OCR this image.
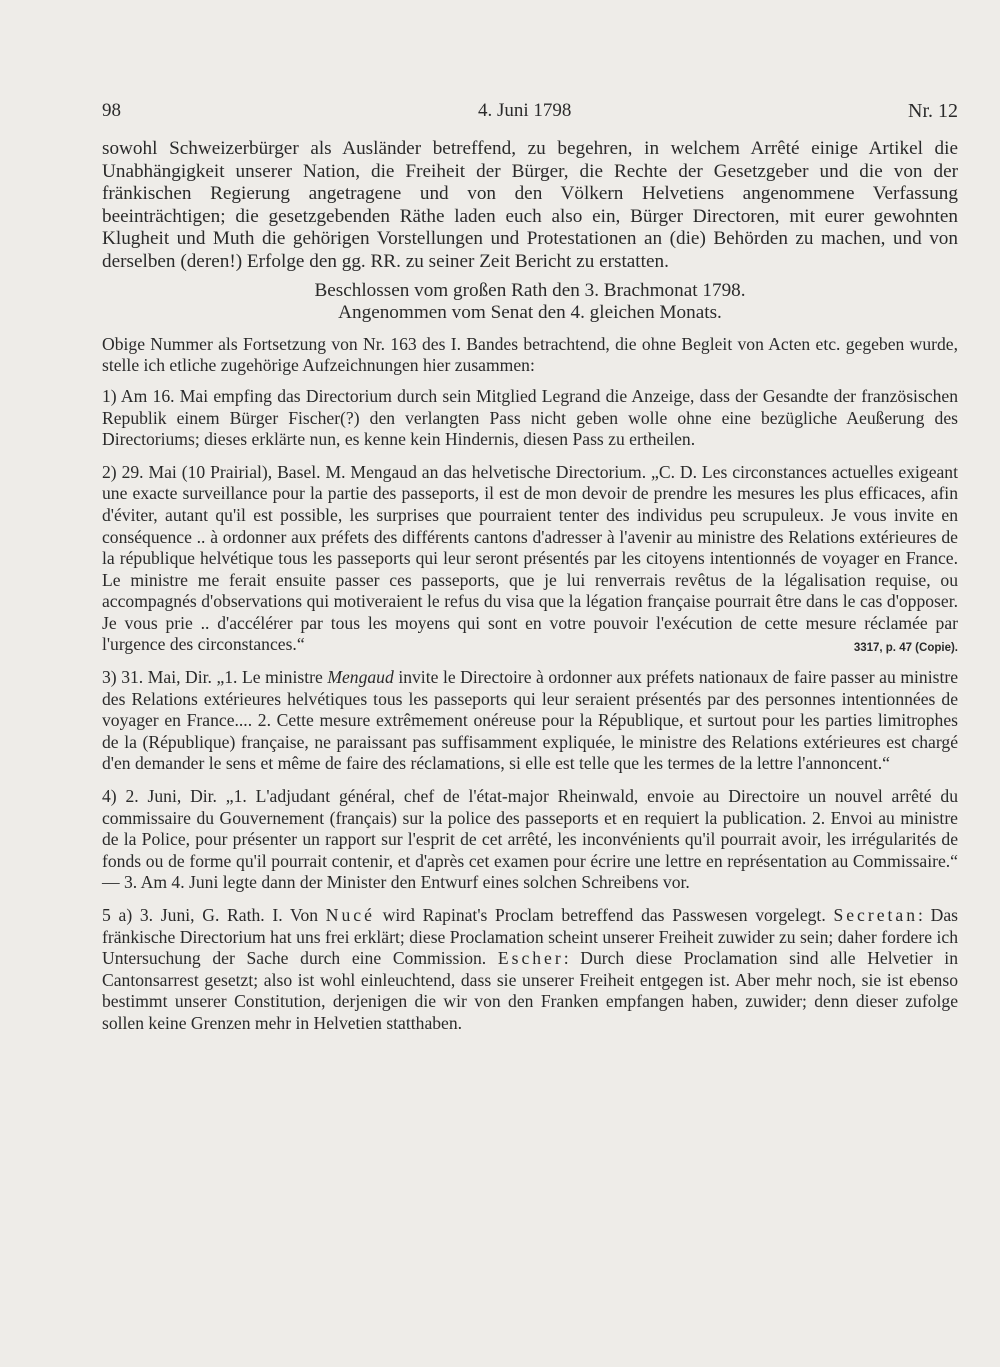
98	4. Juni 1798	Nr. 12

sowohl Schweizerbürger als Ausländer betreffend, zu begehren, in welchem Arrêté einige Artikel die Unabhängigkeit unserer Nation, die Freiheit der Bürger, die Rechte der Gesetzgeber und die von der fränkischen Regierung angetragene und von den Völkern Helvetiens angenommene Verfassung beeinträchtigen; die gesetzgebenden Räthe laden euch also ein, Bürger Directoren, mit eurer gewohnten Klugheit und Muth die gehörigen Vorstellungen und Protestationen an (die) Behörden zu machen, und von derselben (deren!) Erfolge den gg. RR. zu seiner Zeit Bericht zu erstatten.

Beschlossen vom großen Rath den 3. Brachmonat 1798.

Angenommen vom Senat den 4. gleichen Monats.

Obige Nummer als Fortsetzung von Nr. 163 des I. Bandes betrachtend, die ohne Begleit von Acten etc. gegeben wurde, stelle ich etliche zugehörige Aufzeichnungen hier zusammen:

1) Am 16. Mai empfing das Directorium durch sein Mitglied Legrand die Anzeige, dass der Gesandte der französischen Republik einem Bürger Fischer(?) den verlangten Pass nicht geben wolle ohne eine bezügliche Aeußerung des Directoriums; dieses erklärte nun, es kenne kein Hindernis, diesen Pass zu ertheilen.

2) 29. Mai (10 Prairial), Basel. M. Mengaud an das helvetische Directorium. „C. D. Les circonstances actuelles exigeant une exacte surveillance pour la partie des passeports, il est de mon devoir de prendre les mesures les plus efficaces, afin d'éviter, autant qu'il est possible, les surprises que pourraient tenter des individus peu scrupuleux. Je vous invite en conséquence .. à ordonner aux préfets des différents cantons d'adresser à l'avenir au ministre des Relations extérieures de la république helvétique tous les passeports qui leur seront présentés par les citoyens intentionnés de voyager en France. Le ministre me ferait ensuite passer ces passeports, que je lui renverrais revêtus de la légalisation requise, ou accompagnés d'observations qui motiveraient le refus du visa que la légation française pourrait être dans le cas d'opposer. Je vous prie .. d'accélérer par tous les moyens qui sont en votre pouvoir l'exécution de cette mesure réclamée par l'urgence des circonstances.“	3317, p. 47 (Copie).

3) 31. Mai, Dir. „1. Le ministre Mengaud invite le Directoire à ordonner aux préfets nationaux de faire passer au ministre des Relations extérieures helvétiques tous les passeports qui leur seraient présentés par des personnes intentionnées de voyager en France.... 2. Cette mesure extrêmement onéreuse pour la République, et surtout pour les parties limitrophes de la (République) française, ne paraissant pas suffisamment expliquée, le ministre des Relations extérieures est chargé d'en demander le sens et même de faire des réclamations, si elle est telle que les termes de la lettre l'annoncent.“

4) 2. Juni, Dir. „1. L'adjudant général, chef de l'état-major Rheinwald, envoie au Directoire un nouvel arrêté du commissaire du Gouvernement (français) sur la police des passeports et en requiert la publication. 2. Envoi au ministre de la Police, pour présenter un rapport sur l'esprit de cet arrêté, les inconvénients qu'il pourrait avoir, les irrégularités de fonds ou de forme qu'il pourrait contenir, et d'après cet examen pour écrire une lettre en représentation au Commissaire.“ — 3. Am 4. Juni legte dann der Minister den Entwurf eines solchen Schreibens vor.

5 a) 3. Juni, G. Rath. I. Von Nucé wird Rapinat's Proclam betreffend das Passwesen vorgelegt. Secretan: Das fränkische Directorium hat uns frei erklärt; diese Proclamation scheint unserer Freiheit zuwider zu sein; daher fordere ich Untersuchung der Sache durch eine Commission. Escher: Durch diese Proclamation sind alle Helvetier in Cantonsarrest gesetzt; also ist wohl einleuchtend, dass sie unserer Freiheit entgegen ist. Aber mehr noch, sie ist ebenso bestimmt unserer Constitution, derjenigen die wir von den Franken empfangen haben, zuwider; denn dieser zufolge sollen keine Grenzen mehr in Helvetien statthaben.
